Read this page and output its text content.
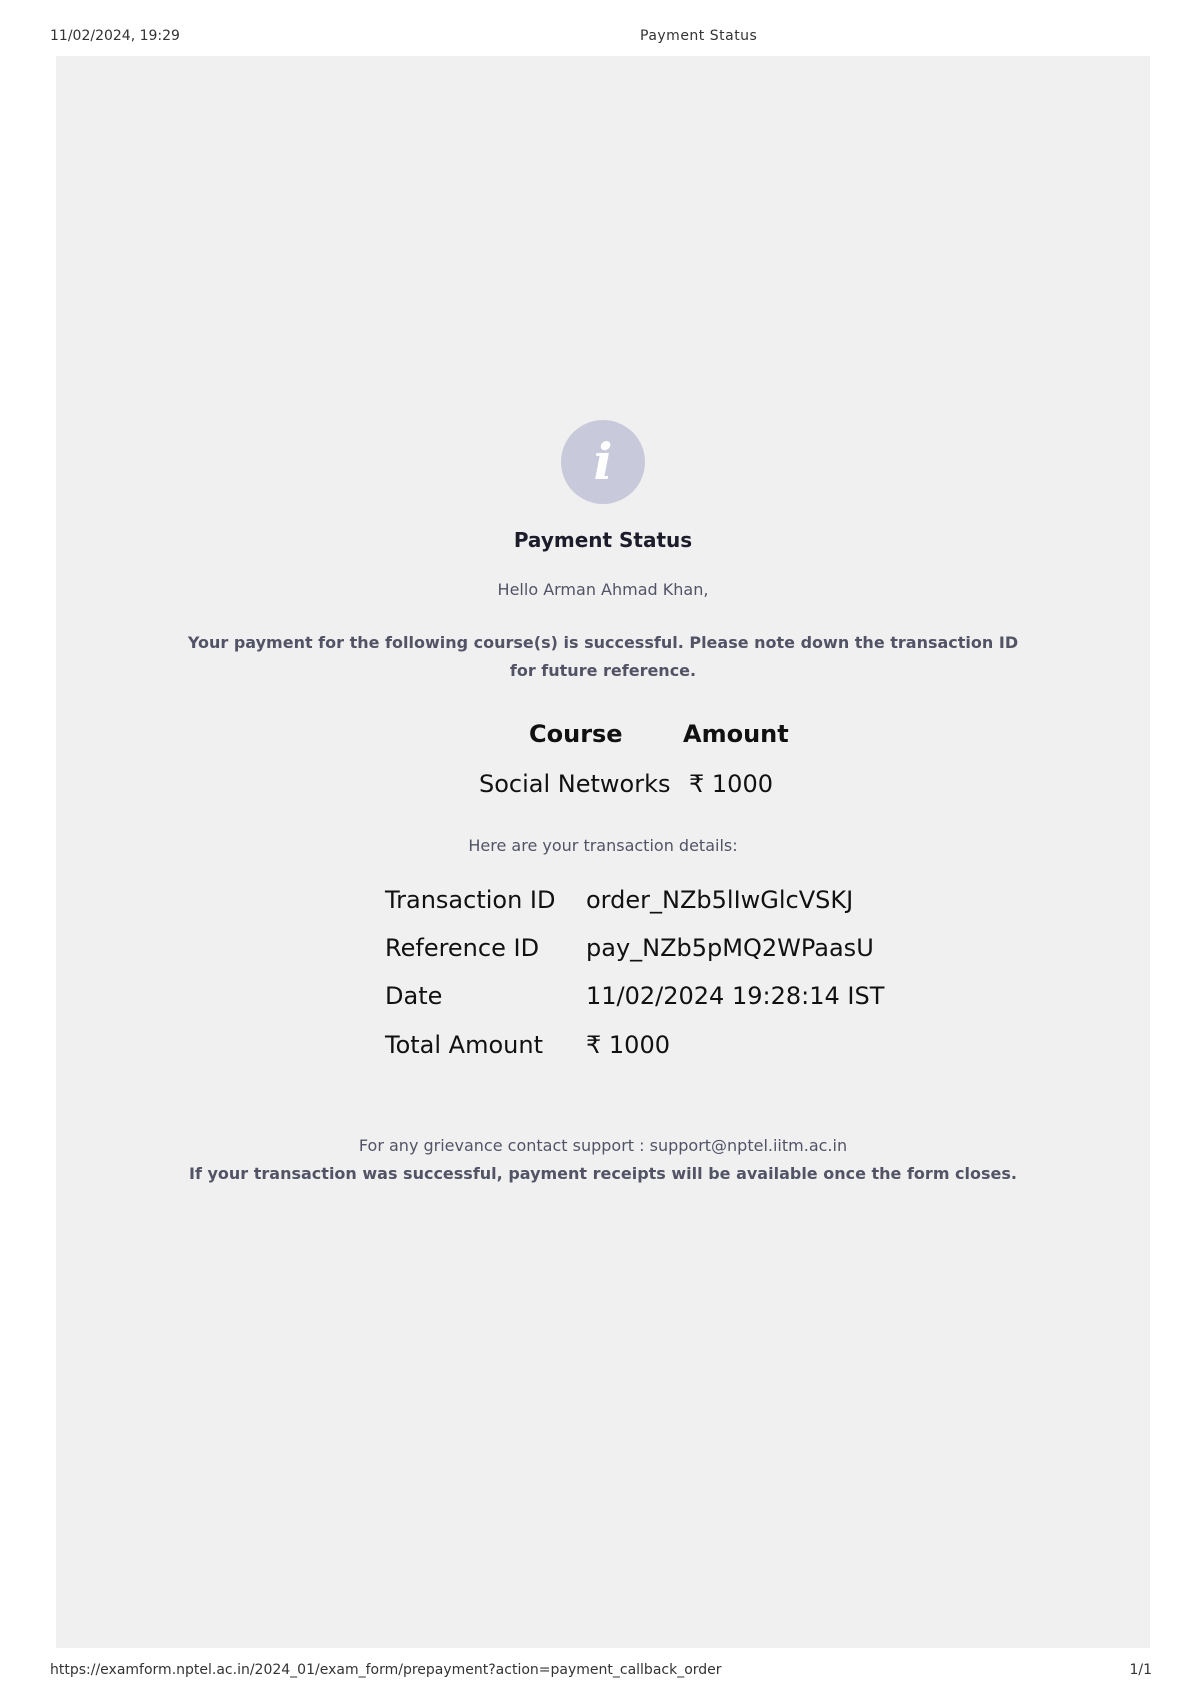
11/02/2024, 19:29	Payment Status
i
Payment Status
Hello Arman Ahmad Khan,
Your payment for the following course(s) is successful. Please note down the transaction ID for future reference.
Course	Amount
Social Networks ₹ 1000
Here are your transaction details:
Transaction ID order_NZb5lIwGlcVSKJ
Reference ID pay_NZb5pMQ2WPaasU
Date	11/02/2024 19:28:14 IST
Total Amount ₹ 1000
For any grievance contact support : support@nptel.iitm.ac.in
If your transaction was successful, payment receipts will be available once the form closes.
https://examform.nptel.ac.in/2024_01/exam_form/prepayment?action=payment_callback_order	1/1
